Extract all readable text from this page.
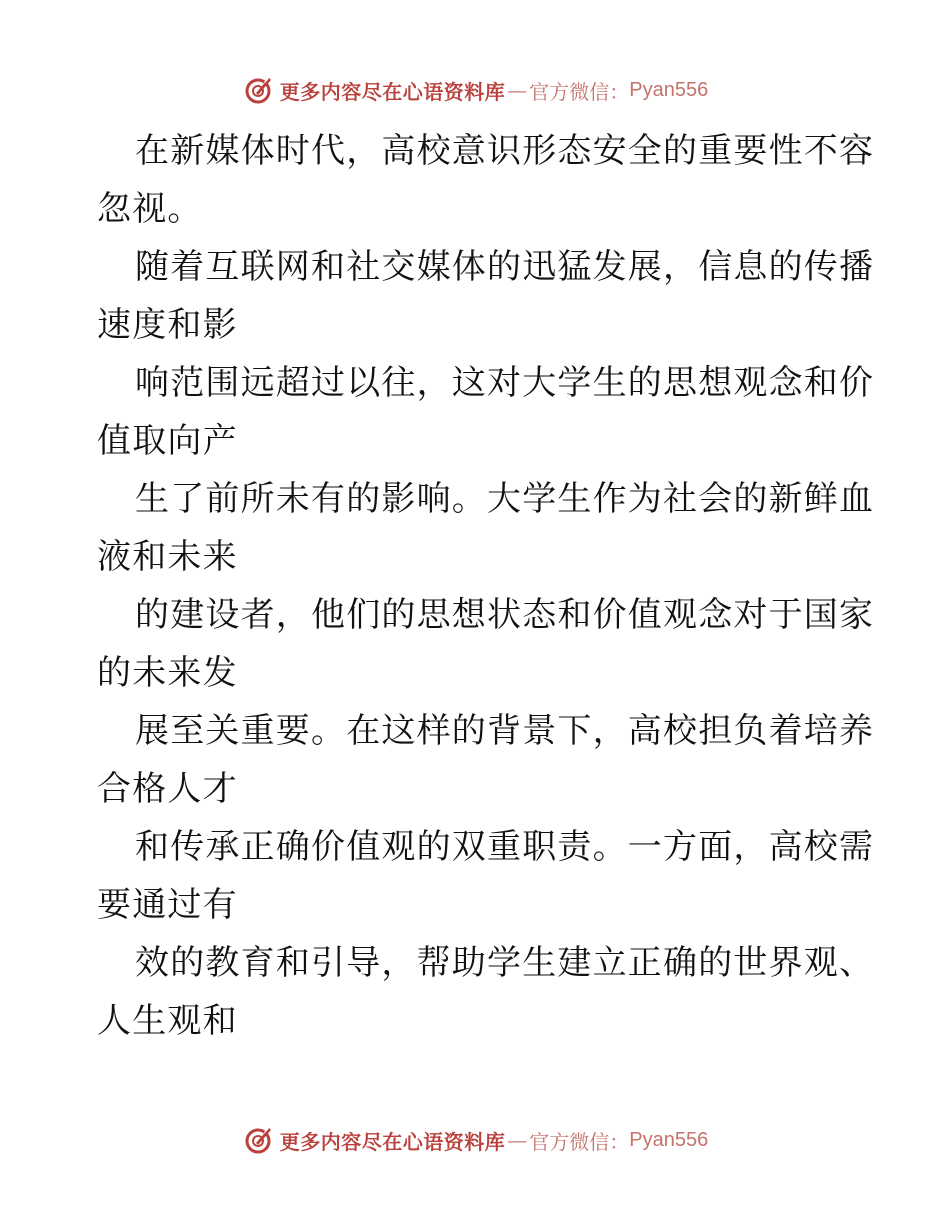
更多内容尽在心语资料库 — 官方微信： Pyan556

在新媒体时代，高校意识形态安全的重要性不容
忽视。

随着互联网和社交媒体的迅猛发展，信息的传播
速度和影

响范围远超过以往，这对大学生的思想观念和价
值取向产

生了前所未有的影响。大学生作为社会的新鲜血
液和未来

的建设者，他们的思想状态和价值观念对于国家
的未来发

展至关重要。在这样的背景下，高校担负着培养
合格人才

和传承正确价值观的双重职责。一方面，高校需
要通过有

效的教育和引导，帮助学生建立正确的世界观、
人生观和

更多内容尽在心语资料库 — 官方微信： Pyan556
